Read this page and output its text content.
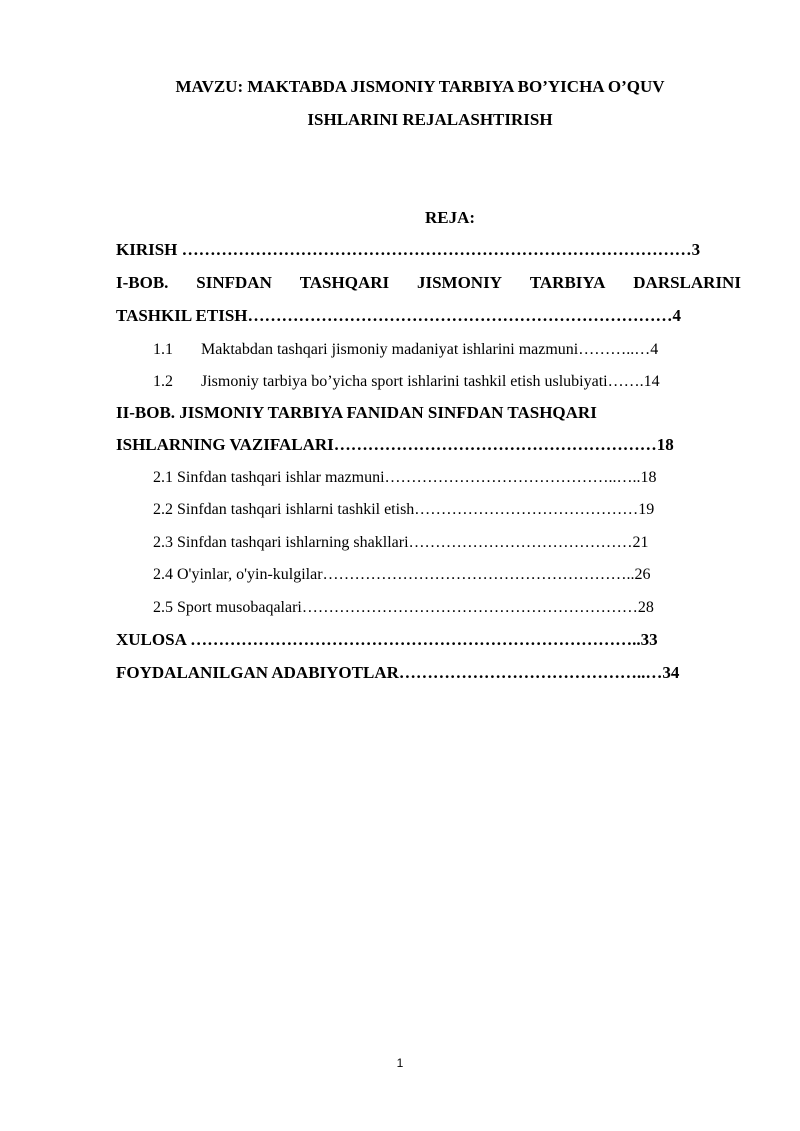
MAVZU: MAKTABDA JISMONIY TARBIYA BO’YICHA O’QUV
ISHLARINI REJALASHTIRISH
REJA:
KIRISH ………………………………………………………………………………3
I-BOB. SINFDAN TASHQARI JISMONIY TARBIYA DARSLARINI
TASHKIL ETISH…………………………………………………………………4
1.1 Maktabdan tashqari jismoniy madaniyat ishlarini mazmuni………..…4
1.2 Jismoniy tarbiya bo’yicha sport ishlarini tashkil etish uslubiyati…….14
II-BOB. JISMONIY TARBIYA FANIDAN SINFDAN TASHQARI
ISHLARNING VAZIFALARI…………………………………………………18
2.1 Sinfdan tashqari ishlar mazmuni……………………………………..…..18
2.2 Sinfdan tashqari ishlarni tashkil etish……………………………………19
2.3 Sinfdan tashqari ishlarning shakllari……………………………………21
2.4 O'yinlar, o'yin-kulgilar…………………………………………………..26
2.5 Sport musobaqalari………………………………………………………28
XULOSA ……………………………………………………………………..33
FOYDALANILGAN ADABIYOTLAR……………………………………..…34
1
